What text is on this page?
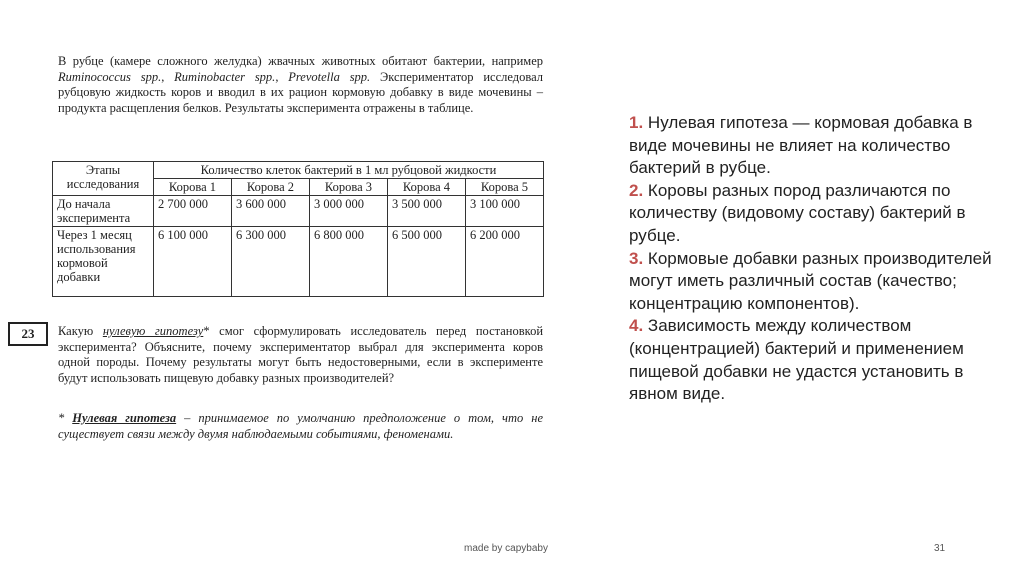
В рубце (камере сложного желудка) жвачных животных обитают бактерии, например Ruminococcus spp., Ruminobacter spp., Prevotella spp. Экспериментатор исследовал рубцовую жидкость коров и вводил в их рацион кормовую добавку в виде мочевины – продукта расщепления белков. Результаты эксперимента отражены в таблице.
Этапы исследования	Количество клеток бактерий в 1 мл рубцовой жидкости				
	Корова 1	Корова 2	Корова 3	Корова 4	Корова 5
До начала эксперимента	2 700 000	3 600 000	3 000 000	3 500 000	3 100 000
Через 1 месяц использования кормовой добавки	6 100 000	6 300 000	6 800 000	6 500 000	6 200 000
23	Какую нулевую гипотезу* смог сформулировать исследователь перед постановкой эксперимента? Объясните, почему экспериментатор выбрал для эксперимента коров одной породы. Почему результаты могут быть недостоверными, если в эксперименте будут использовать пищевую добавку разных производителей?
* Нулевая гипотеза – принимаемое по умолчанию предположение о том, что не существует связи между двумя наблюдаемыми событиями, феноменами.
1. Нулевая гипотеза — кормовая добавка в виде мочевины не влияет на количество бактерий в рубце.
2. Коровы разных пород различаются по количеству (видовому составу) бактерий в рубце.
3. Кормовые добавки разных производителей могут иметь различный состав (качество; концентрацию компонентов).
4. Зависимость между количеством (концентрацией) бактерий и применением пищевой добавки не удастся установить в явном виде.
made by capybaby	31
